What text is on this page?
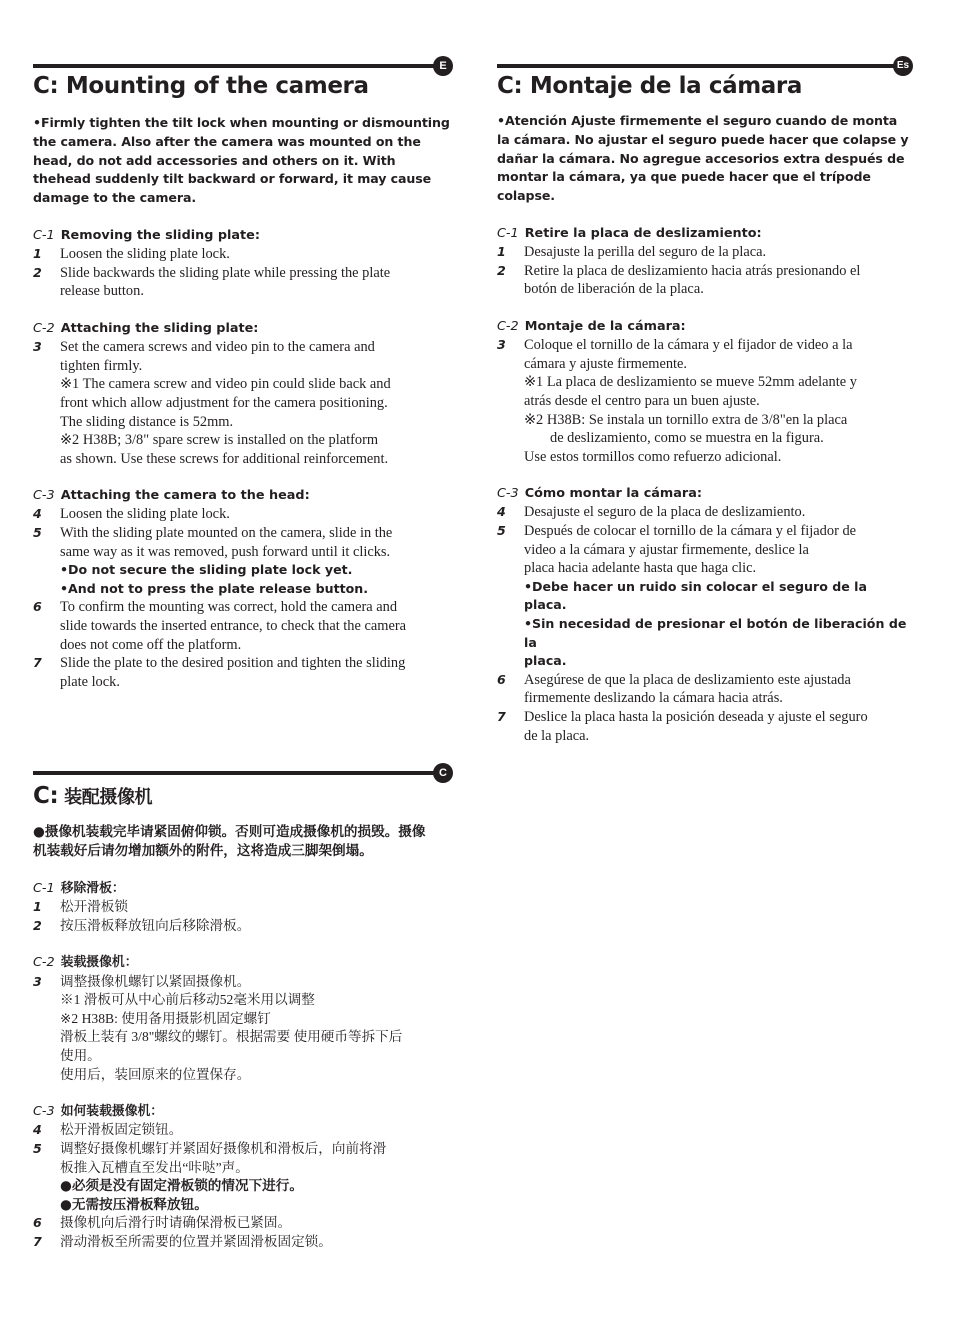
E
C: Mounting of the camera
•Firmly tighten the tilt lock when mounting or dismounting the camera. Also after the camera was mounted on the head, do not add accessories and others on it. With thehead suddenly tilt backward or forward, it may cause damage to the camera.
C-1 Removing the sliding plate:
1	Loosen the sliding plate lock.
2	Slide backwards the sliding plate while pressing the plate
release button.
C-2 Attaching the sliding plate:
3	Set the camera screws and video pin to the camera and
tighten firmly.
※1 The camera screw and video pin could slide back and
front which allow adjustment for the camera positioning.
The sliding distance is 52mm.
※2 H38B; 3/8" spare screw is installed on the platform
as shown. Use these screws for additional reinforcement.
C-3 Attaching the camera to the head:
4	Loosen the sliding plate lock.
5	With the sliding plate mounted on the camera, slide in the
same way as it was removed, push forward until it clicks.
•Do not secure the sliding plate lock yet.
•And not to press the plate release button.
6	To confirm the mounting was correct, hold the camera and
slide towards the inserted entrance, to check that the camera
does not come off the platform.
7	Slide the plate to the desired position and tighten the sliding
plate lock.
Es
C: Montaje de la cámara
•Atención Ajuste firmemente el seguro cuando de monta la cámara. No ajustar el seguro puede hacer que colapse y dañar la cámara. No agregue accesorios extra después de montar la cámara, ya que puede hacer que el trípode colapse.
C-1 Retire la placa de deslizamiento:
1	Desajuste la perilla del seguro de la placa.
2	Retire la placa de deslizamiento hacia atrás presionando el
botón de liberación de la placa.
C-2 Montaje de la cámara:
3	Coloque el tornillo de la cámara y el fijador de video a la
cámara y ajuste firmemente.
※1 La placa de deslizamiento se mueve 52mm adelante y
atrás desde el centro para un buen ajuste.
※2 H38B: Se instala un tornillo extra de 3/8"en la placa
de deslizamiento, como se muestra en la figura.
Use estos tormillos como refuerzo adicional.
C-3 Cómo montar la cámara:
4	Desajuste el seguro de la placa de deslizamiento.
5	Después de colocar el tornillo de la cámara y el fijador de
video a la cámara y ajustar firmemente, deslice la
placa hacia adelante hasta que haga clic.
•Debe hacer un ruido sin colocar el seguro de la placa.
•Sin necesidad de presionar el botón de liberación de la
placa.
6	Asegúrese de que la placa de deslizamiento este ajustada
firmemente deslizando la cámara hacia atrás.
7	Deslice la placa hasta la posición deseada y ajuste el seguro
de la placa.
C
C: 装配摄像机
●摄像机装载完毕请紧固俯仰锁。否则可造成摄像机的损毁。摄像
机装载好后请勿增加额外的附件，这将造成三脚架倒塌。
C-1 移除滑板：
1	松开滑板锁
2	按压滑板释放钮向后移除滑板。
C-2 装载摄像机：
3	调整摄像机螺钉以紧固摄像机。
※1 滑板可从中心前后移动52毫米用以调整
※2 H38B: 使用备用摄影机固定螺钉
滑板上装有 3/8"螺纹的螺钉。根据需要 使用硬币等拆下后
使用。
使用后，装回原来的位置保存。
C-3 如何装载摄像机：
4	松开滑板固定锁钮。
5	调整好摄像机螺钉并紧固好摄像机和滑板后，向前将滑
板推入瓦槽直至发出“咔哒”声。
●必须是没有固定滑板锁的情况下进行。
●无需按压滑板释放钮。
6	摄像机向后滑行时请确保滑板已紧固。
7	滑动滑板至所需要的位置并紧固滑板固定锁。
